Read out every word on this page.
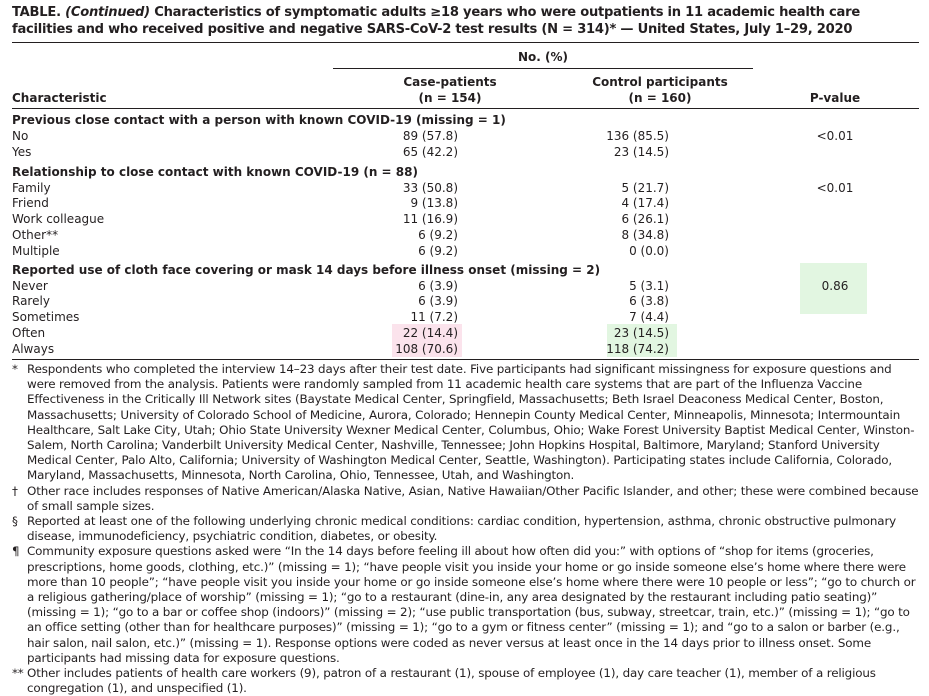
TABLE. (Continued) Characteristics of symptomatic adults ≥18 years who were outpatients in 11 academic health care facilities and who received positive and negative SARS-CoV-2 test results (N = 314)* — United States, July 1–29, 2020
No. (%)
Characteristic
Case-patients
(n = 154)
Control participants
(n = 160)	P-value
Previous close contact with a person with known COVID-19 (missing = 1)
No	89 (57.8)	136 (85.5)	<0.01
Yes	65 (42.2)	23 (14.5)
Relationship to close contact with known COVID-19 (n = 88)
Family	33 (50.8)	5 (21.7)	<0.01
Friend	9 (13.8)	4 (17.4)
Work colleague	11 (16.9)	6 (26.1)
Other**	6 (9.2)	8 (34.8)
Multiple	6 (9.2)	0 (0.0)
Reported use of cloth face covering or mask 14 days before illness onset (missing = 2)
Never	6 (3.9)	5 (3.1)	0.86
Rarely	6 (3.9)	6 (3.8)
Sometimes	11 (7.2)	7 (4.4)
Often	22 (14.4)	23 (14.5)
Always	108 (70.6)	118 (74.2)
* Respondents who completed the interview 14–23 days after their test date. Five participants had significant missingness for exposure questions and were removed from the analysis. Patients were randomly sampled from 11 academic health care systems that are part of the Influenza Vaccine Effectiveness in the Critically Ill Network sites (Baystate Medical Center, Springfield, Massachusetts; Beth Israel Deaconess Medical Center, Boston, Massachusetts; University of Colorado School of Medicine, Aurora, Colorado; Hennepin County Medical Center, Minneapolis, Minnesota; Intermountain Healthcare, Salt Lake City, Utah; Ohio State University Wexner Medical Center, Columbus, Ohio; Wake Forest University Baptist Medical Center, Winston-Salem, North Carolina; Vanderbilt University Medical Center, Nashville, Tennessee; John Hopkins Hospital, Baltimore, Maryland; Stanford University Medical Center, Palo Alto, California; University of Washington Medical Center, Seattle, Washington). Participating states include California, Colorado, Maryland, Massachusetts, Minnesota, North Carolina, Ohio, Tennessee, Utah, and Washington.
† Other race includes responses of Native American/Alaska Native, Asian, Native Hawaiian/Other Pacific Islander, and other; these were combined because of small sample sizes.
§ Reported at least one of the following underlying chronic medical conditions: cardiac condition, hypertension, asthma, chronic obstructive pulmonary disease, immunodeficiency, psychiatric condition, diabetes, or obesity.
¶ Community exposure questions asked were “In the 14 days before feeling ill about how often did you:” with options of “shop for items (groceries, prescriptions, home goods, clothing, etc.)” (missing = 1); “have people visit you inside your home or go inside someone else’s home where there were more than 10 people”; “have people visit you inside your home or go inside someone else’s home where there were 10 people or less”; “go to church or a religious gathering/place of worship” (missing = 1); “go to a restaurant (dine-in, any area designated by the restaurant including patio seating)” (missing = 1); “go to a bar or coffee shop (indoors)” (missing = 2); “use public transportation (bus, subway, streetcar, train, etc.)” (missing = 1); “go to an office setting (other than for healthcare purposes)” (missing = 1); “go to a gym or fitness center” (missing = 1); and “go to a salon or barber (e.g., hair salon, nail salon, etc.)” (missing = 1). Response options were coded as never versus at least once in the 14 days prior to illness onset. Some participants had missing data for exposure questions.
** Other includes patients of health care workers (9), patron of a restaurant (1), spouse of employee (1), day care teacher (1), member of a religious congregation (1), and unspecified (1).
